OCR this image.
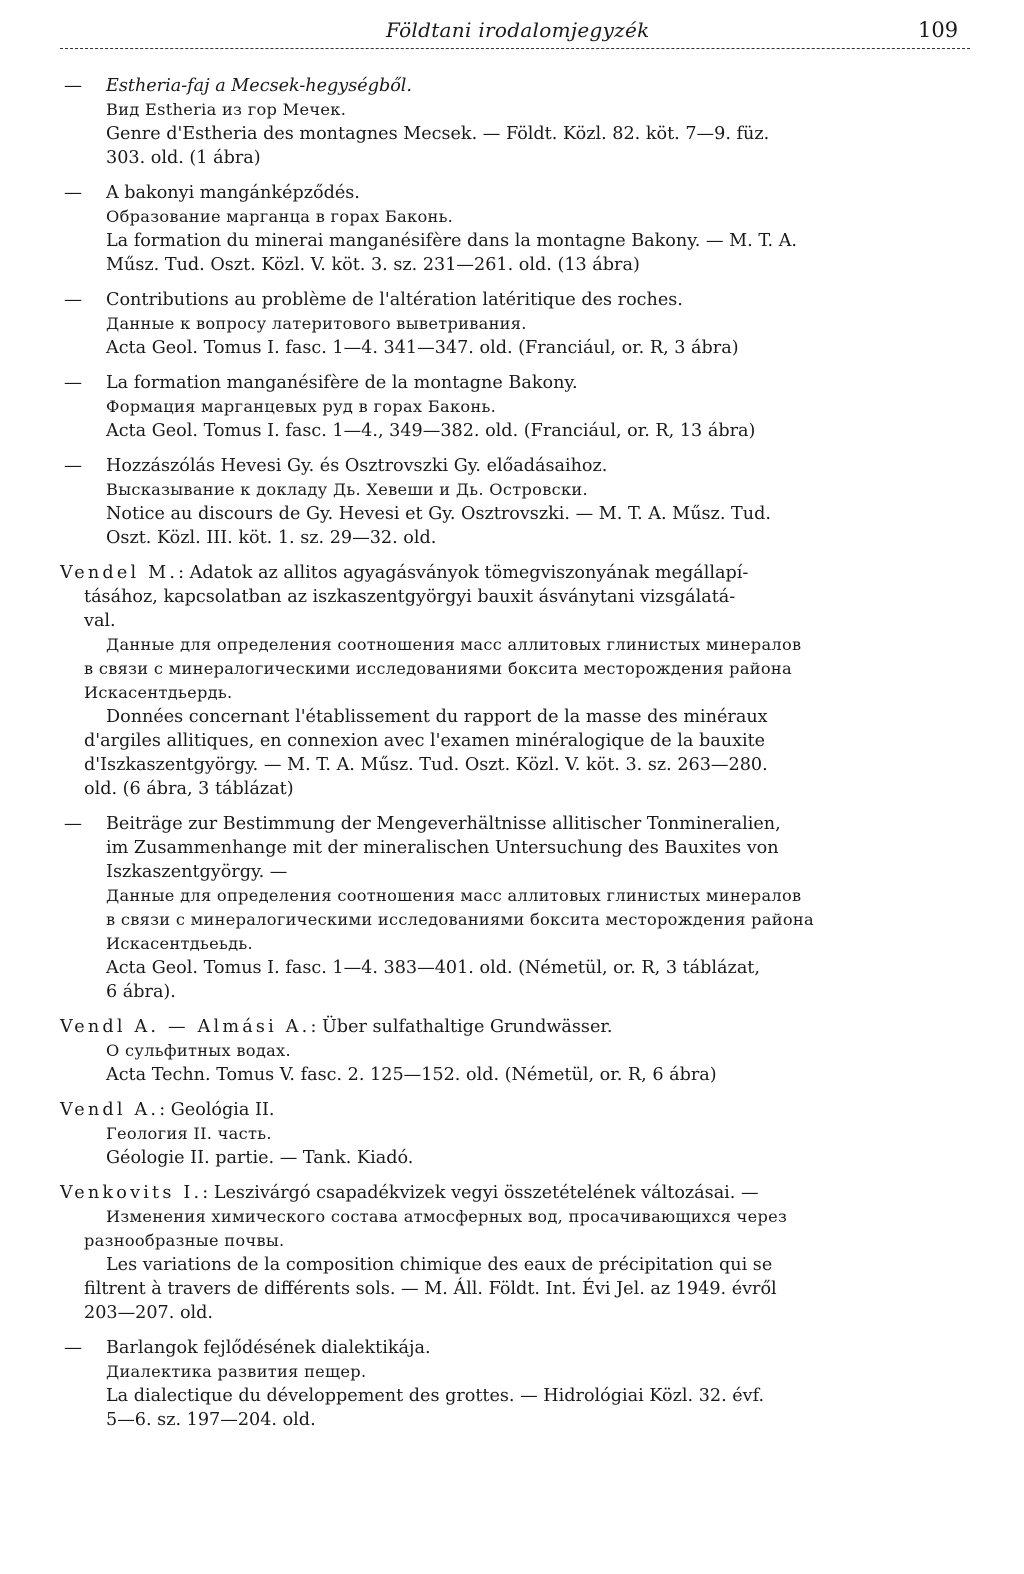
Földtani irodalomjegyzék	109
—	Estheria-faj a Mecsek-hegységből.
Вид Estheria из гор Мечек.
Genre d'Estheria des montagnes Mecsek. — Földt. Közl. 82. köt. 7—9. füz.
303. old. (1 ábra)
—	A bakonyi mangánképződés.
Образование марганца в горах Баконь.
La formation du minerai manganésifère dans la montagne Bakony. — M. T. A.
Műsz. Tud. Oszt. Közl. V. köt. 3. sz. 231—261. old. (13 ábra)
—	Contributions au problème de l'altération latéritique des roches.
Данные к вопросу латеритового выветривания.
Acta Geol. Tomus I. fasc. 1—4. 341—347. old. (Franciául, or. R, 3 ábra)
—	La formation manganésifère de la montagne Bakony.
Формация марганцевых руд в горах Баконь.
Acta Geol. Tomus I. fasc. 1—4., 349—382. old. (Franciául, or. R, 13 ábra)
—	Hozzászólás Hevesi Gy. és Osztrovszki Gy. előadásaihoz.
Высказывание к докладу Дь. Хевеши и Дь. Островски.
Notice au discours de Gy. Hevesi et Gy. Osztrovszki. — M. T. A. Műsz. Tud.
Oszt. Közl. III. köt. 1. sz. 29—32. old.
Vendel M.: Adatok az allitos agyagásványok tömegviszonyának megállapí-
tásához, kapcsolatban az iszkaszentgyörgyi bauxit ásványtani vizsgálatá-
val.
Данные для определения соотношения масс аллитовых глинистых минералов
в связи с минералогическими исследованиями боксита месторождения района
Искасентдьердь.
Données concernant l'établissement du rapport de la masse des minéraux
d'argiles allitiques, en connexion avec l'examen minéralogique de la bauxite
d'Iszkaszentgyörgy. — M. T. A. Műsz. Tud. Oszt. Közl. V. köt. 3. sz. 263—280.
old. (6 ábra, 3 táblázat)
—	Beiträge zur Bestimmung der Mengeverhältnisse allitischer Tonmineralien,
im Zusammenhange mit der mineralischen Untersuchung des Bauxites von
Iszkaszentgyörgy. —
Данные для определения соотношения масс аллитовых глинистых минералов
в связи с минералогическими исследованиями боксита месторождения района
Искасентдьеьдь.
Acta Geol. Tomus I. fasc. 1—4. 383—401. old. (Németül, or. R, 3 táblázat,
6 ábra).
Vendl A. — Almási A.: Über sulfathaltige Grundwässer.
О сульфитных водах.
Acta Techn. Tomus V. fasc. 2. 125—152. old. (Németül, or. R, 6 ábra)
Vendl A.: Geológia II.
Геология II. часть.
Géologie II. partie. — Tank. Kiadó.
Venkovits I.: Leszivárgó csapadékvizek vegyi összetételének változásai. —
Изменения химического состава атмосферных вод, просачивающихся через
разнообразные почвы.
Les variations de la composition chimique des eaux de précipitation qui se
filtrent à travers de différents sols. — M. Áll. Földt. Int. Évi Jel. az 1949. évről
203—207. old.
—	Barlangok fejlődésének dialektikája.
Диалектика развития пещер.
La dialectique du développement des grottes. — Hidrológiai Közl. 32. évf.
5—6. sz. 197—204. old.
